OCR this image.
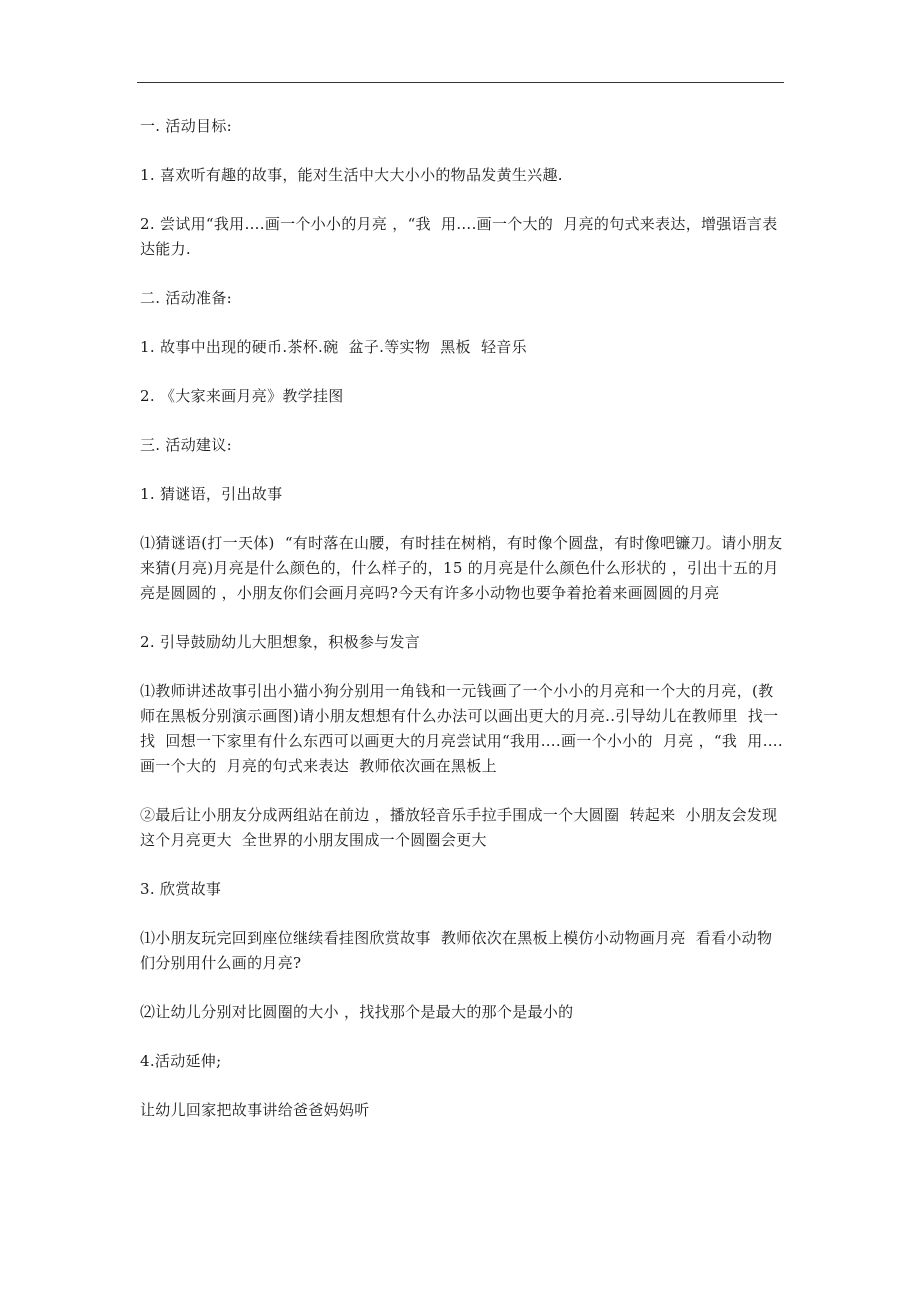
一. 活动目标:

1. 喜欢听有趣的故事，能对生活中大大小小的物品发黄生兴趣.

2. 尝试用“我用….画一个小小的月亮 ，“我  用….画一个大的  月亮的句式来表达，增强语言表达能力.

二. 活动准备:

1. 故事中出现的硬币.茶杯.碗  盆子.等实物  黑板  轻音乐

2. 《大家来画月亮》教学挂图

三. 活动建议:

1. 猜谜语，引出故事

⑴猜谜语(打一天体)  “有时落在山腰，有时挂在树梢，有时像个圆盘，有时像吧镰刀。请小朋友来猜(月亮)月亮是什么颜色的，什么样子的，15 的月亮是什么颜色什么形状的 ，引出十五的月亮是圆圆的 ，小朋友你们会画月亮吗?今天有许多小动物也要争着抢着来画圆圆的月亮

2. 引导鼓励幼儿大胆想象，积极参与发言

⑴教师讲述故事引出小猫小狗分别用一角钱和一元钱画了一个小小的月亮和一个大的月亮，(教师在黑板分别演示画图)请小朋友想想有什么办法可以画出更大的月亮..引导幼儿在教师里  找一找  回想一下家里有什么东西可以画更大的月亮尝试用“我用….画一个小小的  月亮 ，“我  用….画一个大的  月亮的句式来表达  教师依次画在黑板上

②最后让小朋友分成两组站在前边 ，播放轻音乐手拉手围成一个大圆圈  转起来  小朋友会发现这个月亮更大  全世界的小朋友围成一个圆圈会更大

3. 欣赏故事

⑴小朋友玩完回到座位继续看挂图欣赏故事  教师依次在黑板上模仿小动物画月亮  看看小动物们分别用什么画的月亮?

⑵让幼儿分别对比圆圈的大小 ，找找那个是最大的那个是最小的

4.活动延伸;

让幼儿回家把故事讲给爸爸妈妈听
